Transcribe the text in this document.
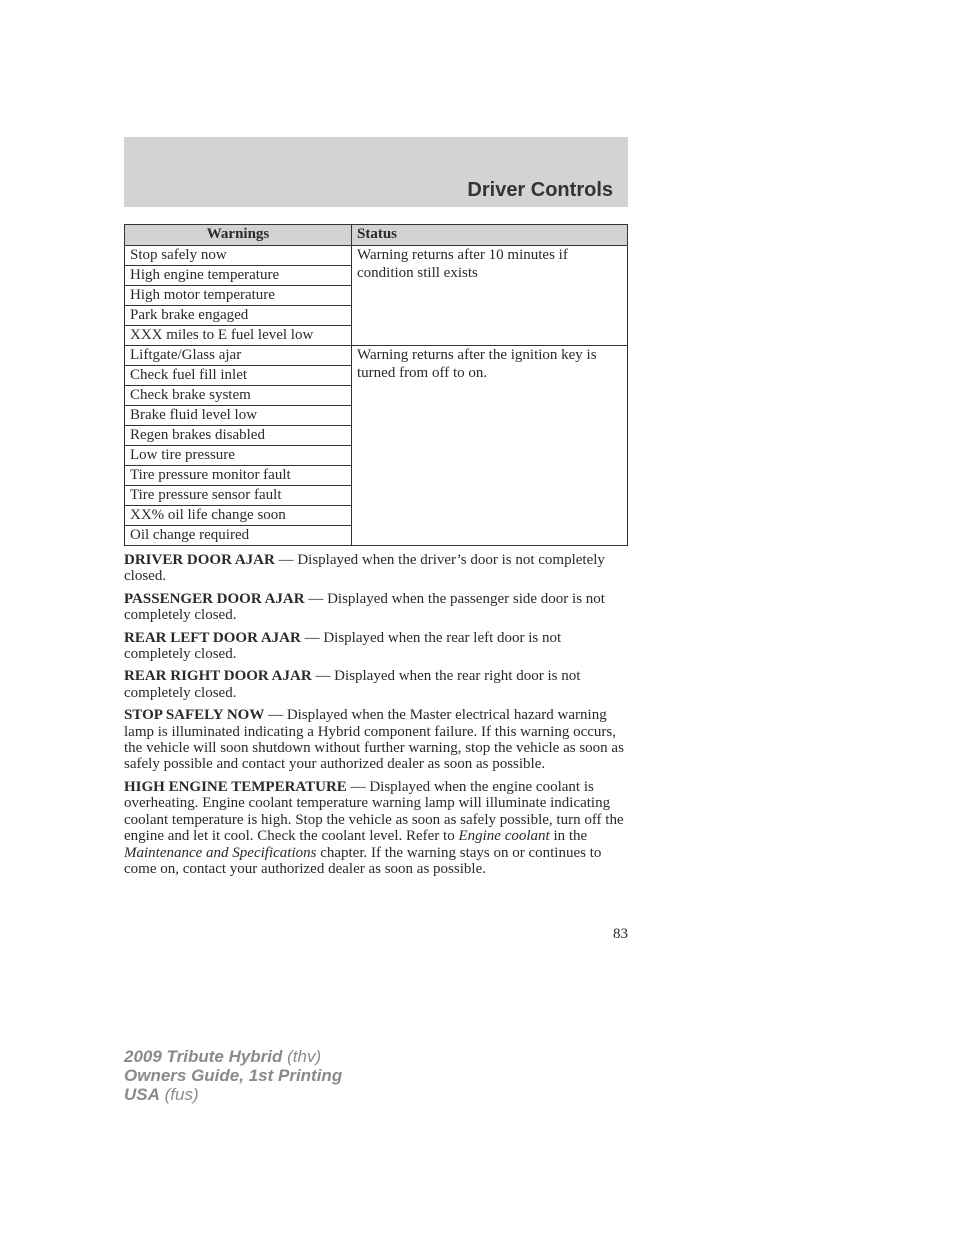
Driver Controls
Warnings	Status
Stop safely now	Warning returns after 10 minutes if condition still exists
High engine temperature	
High motor temperature	
Park brake engaged	
XXX miles to E fuel level low	
Liftgate/Glass ajar	Warning returns after the ignition key is turned from off to on.
Check fuel fill inlet	
Check brake system	
Brake fluid level low	
Regen brakes disabled	
Low tire pressure	
Tire pressure monitor fault	
Tire pressure sensor fault	
XX% oil life change soon	
Oil change required	

DRIVER DOOR AJAR — Displayed when the driver’s door is not completely closed.

PASSENGER DOOR AJAR — Displayed when the passenger side door is not completely closed.

REAR LEFT DOOR AJAR — Displayed when the rear left door is not completely closed.

REAR RIGHT DOOR AJAR — Displayed when the rear right door is not completely closed.

STOP SAFELY NOW — Displayed when the Master electrical hazard warning lamp is illuminated indicating a Hybrid component failure. If this warning occurs, the vehicle will soon shutdown without further warning, stop the vehicle as soon as safely possible and contact your authorized dealer as soon as possible.

HIGH ENGINE TEMPERATURE — Displayed when the engine coolant is overheating. Engine coolant temperature warning lamp will illuminate indicating coolant temperature is high. Stop the vehicle as soon as safely possible, turn off the engine and let it cool. Check the coolant level. Refer to Engine coolant in the Maintenance and Specifications chapter. If the warning stays on or continues to come on, contact your authorized dealer as soon as possible.

83
2009 Tribute Hybrid (thv)
Owners Guide, 1st Printing
USA (fus)
